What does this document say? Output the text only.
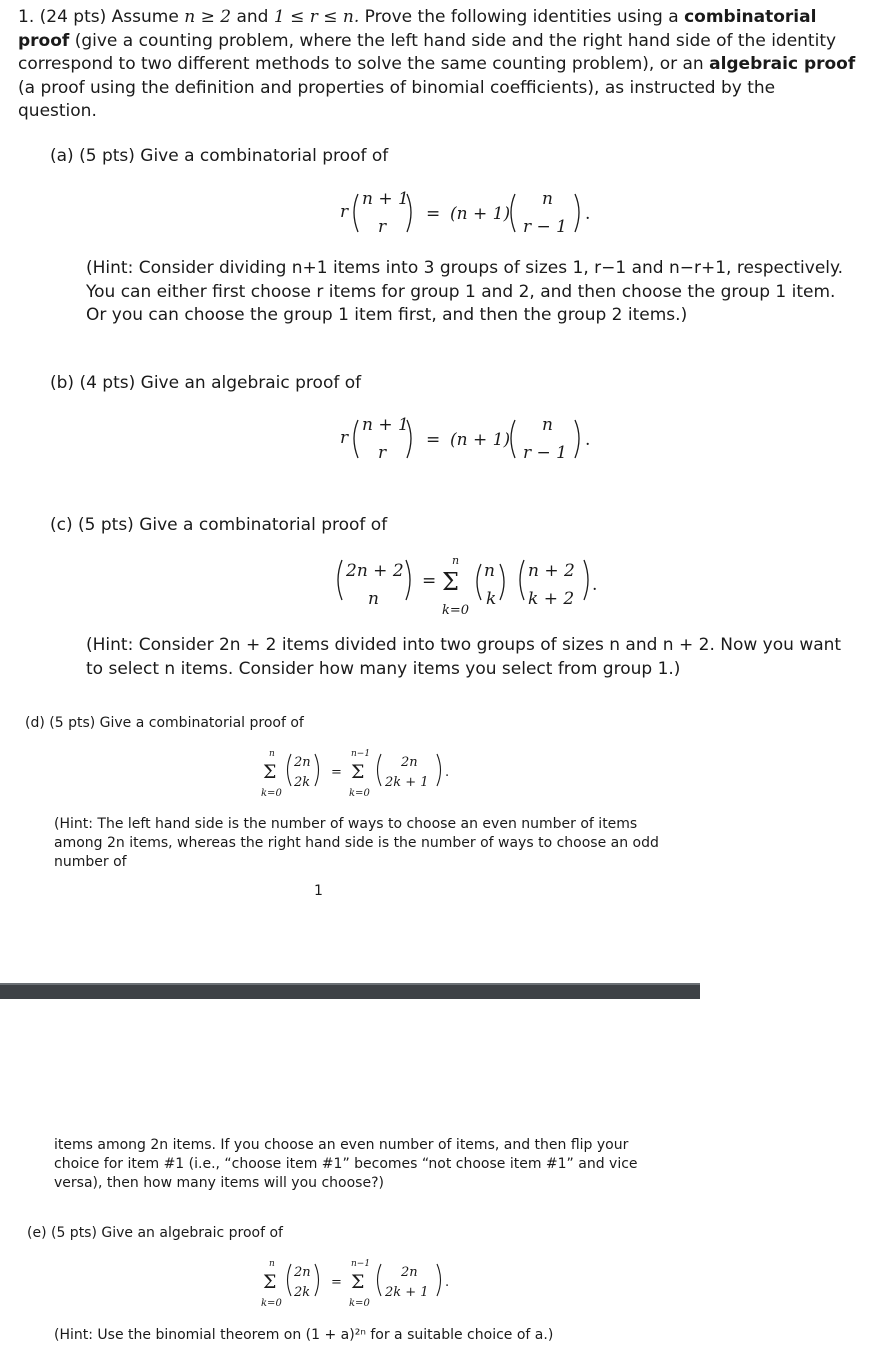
1. (24 pts) Assume n ≥ 2 and 1 ≤ r ≤ n. Prove the following identities using a combinatorial proof (give a counting problem, where the left hand side and the right hand side of the identity correspond to two different methods to solve the same counting problem), or an algebraic proof (a proof using the definition and properties of binomial coefficients), as instructed by the question.
(a) (5 pts) Give a combinatorial proof of
r
n + 1
r
= (n + 1)
n
r − 1
.
(Hint: Consider dividing n+1 items into 3 groups of sizes 1, r−1 and n−r+1, respectively. You can either first choose r items for group 1 and 2, and then choose the group 1 item. Or you can choose the group 1 item first, and then the group 2 items.)
(b) (4 pts) Give an algebraic proof of
r
n + 1
r
= (n + 1)
n
r − 1
.
(c) (5 pts) Give a combinatorial proof of
2n + 2
n
=
n
Σ
k=0
n
k
n + 2
k + 2
.
(Hint: Consider 2n + 2 items divided into two groups of sizes n and n + 2. Now you want to select n items. Consider how many items you select from group 1.)
(d) (5 pts) Give a combinatorial proof of
n
Σ
k=0
2n
2k
=
n−1
Σ
k=0
2n
2k + 1
.
(Hint: The left hand side is the number of ways to choose an even number of items among 2n items, whereas the right hand side is the number of ways to choose an odd number of
1
items among 2n items. If you choose an even number of items, and then flip your choice for item #1 (i.e., “choose item #1” becomes “not choose item #1” and vice versa), then how many items will you choose?)
(e) (5 pts) Give an algebraic proof of
n
Σ
k=0
2n
2k
=
n−1
Σ
k=0
2n
2k + 1
.
(Hint: Use the binomial theorem on (1 + a)²ⁿ for a suitable choice of a.)
